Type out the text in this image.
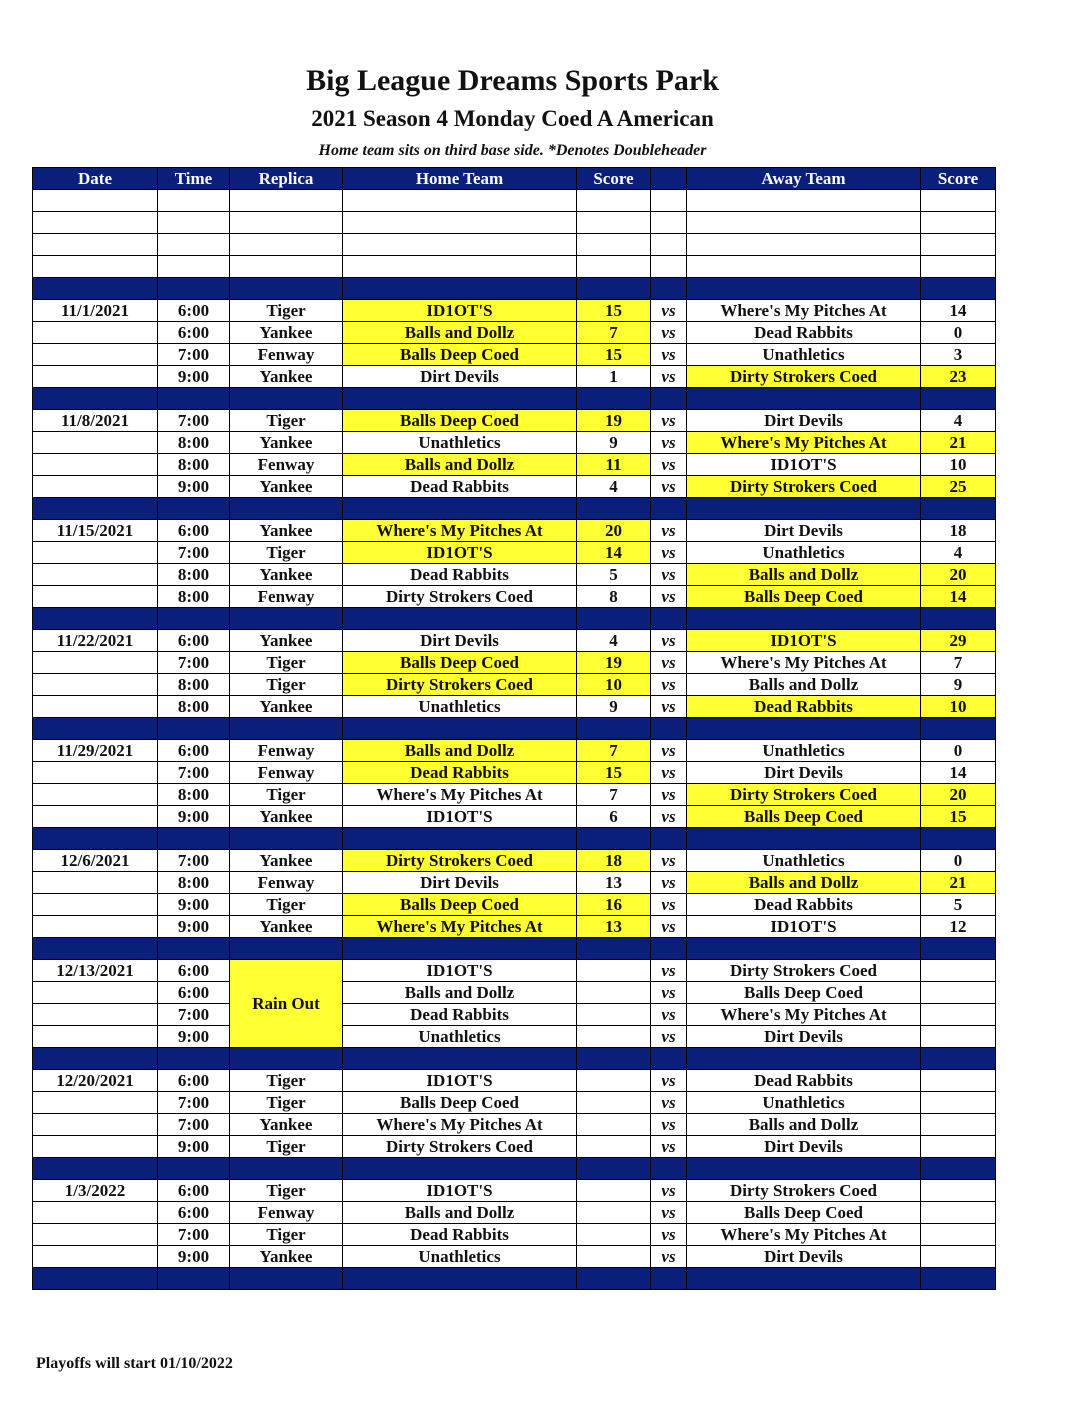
Big League Dreams Sports Park
2021 Season 4 Monday Coed A American
Home team sits on third base side. *Denotes Doubleheader
Date	Time	Replica	Home Team	Score		Away Team	Score

11/1/2021	6:00	Tiger	ID1OT'S	15	vs	Where's My Pitches At	14
	6:00	Yankee	Balls and Dollz	7	vs	Dead Rabbits	0
	7:00	Fenway	Balls Deep Coed	15	vs	Unathletics	3
	9:00	Yankee	Dirt Devils	1	vs	Dirty Strokers Coed	23

11/8/2021	7:00	Tiger	Balls Deep Coed	19	vs	Dirt Devils	4
	8:00	Yankee	Unathletics	9	vs	Where's My Pitches At	21
	8:00	Fenway	Balls and Dollz	11	vs	ID1OT'S	10
	9:00	Yankee	Dead Rabbits	4	vs	Dirty Strokers Coed	25

11/15/2021	6:00	Yankee	Where's My Pitches At	20	vs	Dirt Devils	18
	7:00	Tiger	ID1OT'S	14	vs	Unathletics	4
	8:00	Yankee	Dead Rabbits	5	vs	Balls and Dollz	20
	8:00	Fenway	Dirty Strokers Coed	8	vs	Balls Deep Coed	14

11/22/2021	6:00	Yankee	Dirt Devils	4	vs	ID1OT'S	29
	7:00	Tiger	Balls Deep Coed	19	vs	Where's My Pitches At	7
	8:00	Tiger	Dirty Strokers Coed	10	vs	Balls and Dollz	9
	8:00	Yankee	Unathletics	9	vs	Dead Rabbits	10

11/29/2021	6:00	Fenway	Balls and Dollz	7	vs	Unathletics	0
	7:00	Fenway	Dead Rabbits	15	vs	Dirt Devils	14
	8:00	Tiger	Where's My Pitches At	7	vs	Dirty Strokers Coed	20
	9:00	Yankee	ID1OT'S	6	vs	Balls Deep Coed	15

12/6/2021	7:00	Yankee	Dirty Strokers Coed	18	vs	Unathletics	0
	8:00	Fenway	Dirt Devils	13	vs	Balls and Dollz	21
	9:00	Tiger	Balls Deep Coed	16	vs	Dead Rabbits	5
	9:00	Yankee	Where's My Pitches At	13	vs	ID1OT'S	12

12/13/2021	6:00	Rain Out	ID1OT'S		vs	Dirty Strokers Coed	
	6:00		Balls and Dollz		vs	Balls Deep Coed	
	7:00		Dead Rabbits		vs	Where's My Pitches At	
	9:00		Unathletics		vs	Dirt Devils	

12/20/2021	6:00	Tiger	ID1OT'S		vs	Dead Rabbits	
	7:00	Tiger	Balls Deep Coed		vs	Unathletics	
	7:00	Yankee	Where's My Pitches At		vs	Balls and Dollz	
	9:00	Tiger	Dirty Strokers Coed		vs	Dirt Devils	

1/3/2022	6:00	Tiger	ID1OT'S		vs	Dirty Strokers Coed	
	6:00	Fenway	Balls and Dollz		vs	Balls Deep Coed	
	7:00	Tiger	Dead Rabbits		vs	Where's My Pitches At	
	9:00	Yankee	Unathletics		vs	Dirt Devils	

Playoffs will start 01/10/2022
